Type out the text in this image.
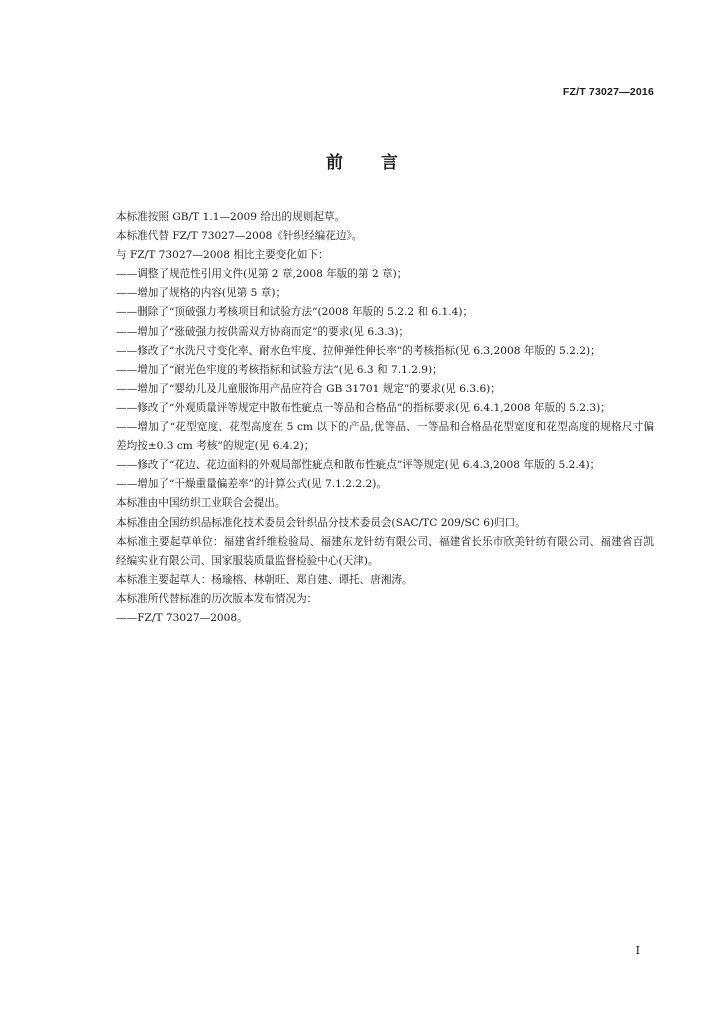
FZ/T 73027—2016
前言
本标准按照 GB/T 1.1—2009 给出的规则起草。
本标准代替 FZ/T 73027—2008《针织经编花边》。
与 FZ/T 73027—2008 相比主要变化如下：
——调整了规范性引用文件(见第 2 章,2008 年版的第 2 章)；
——增加了规格的内容(见第 5 章)；
——删除了“顶破强力考核项目和试验方法”(2008 年版的 5.2.2 和 6.1.4)；
——增加了“涨破强力按供需双方协商而定”的要求(见 6.3.3)；
——修改了“水洗尺寸变化率、耐水色牢度、拉伸弹性伸长率”的考核指标(见 6.3,2008 年版的 5.2.2)；
——增加了“耐光色牢度的考核指标和试验方法”(见 6.3 和 7.1.2.9)；
——增加了“婴幼儿及儿童服饰用产品应符合 GB 31701 规定”的要求(见 6.3.6)；
——修改了“外观质量评等规定中散布性疵点一等品和合格品”的指标要求(见 6.4.1,2008 年版的 5.2.3)；
——增加了“花型宽度、花型高度在 5 cm 以下的产品,优等品、一等品和合格品花型宽度和花型高度的规格尺寸偏差均按±0.3 cm 考核”的规定(见 6.4.2)；
——修改了“花边、花边面料的外观局部性疵点和散布性疵点”评等规定(见 6.4.3,2008 年版的 5.2.4)；
——增加了“干燥重量偏差率”的计算公式(见 7.1.2.2.2)。
本标准由中国纺织工业联合会提出。
本标准由全国纺织品标准化技术委员会针织品分技术委员会(SAC/TC 209/SC 6)归口。
本标准主要起草单位：福建省纤维检验局、福建东龙针纺有限公司、福建省长乐市欣美针纺有限公司、福建省百凯经编实业有限公司、国家服装质量监督检验中心(天津)。
本标准主要起草人：杨瑜榕、林朝旺、郑自建、谭托、唐湘涛。
本标准所代替标准的历次版本发布情况为：
——FZ/T 73027—2008。
I
